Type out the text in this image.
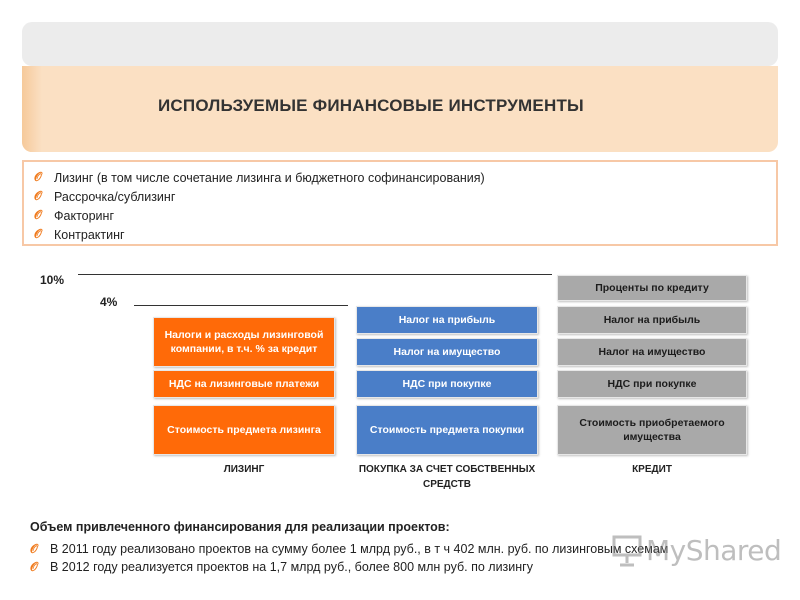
ИСПОЛЬЗУЕМЫЕ ФИНАНСОВЫЕ ИНСТРУМЕНТЫ
𝒪 Лизинг (в том числе сочетание лизинга и бюджетного софинансирования)
𝒪 Рассрочка/сублизинг
𝒪 Факторинг
𝒪 Контрактинг
10%
4%
Налоги и расходы лизинговой компании, в т.ч. % за кредит
НДС на лизинговые платежи
Стоимость предмета лизинга
ЛИЗИНГ
Налог на прибыль
Налог на имущество
НДС при покупке
Стоимость предмета покупки
ПОКУПКА ЗА СЧЕТ СОБСТВЕННЫХ СРЕДСТВ
Проценты по кредиту
Налог на прибыль
Налог на имущество
НДС при покупке
Стоимость приобретаемого имущества
КРЕДИТ
Объем привлеченного финансирования для реализации проектов:
𝒪 В 2011 году реализовано проектов на сумму более 1 млрд руб., в т ч 402 млн. руб. по лизинговым схемам
𝒪 В 2012 году реализуется проектов на 1,7 млрд руб., более 800 млн руб. по лизингу
MyShared
